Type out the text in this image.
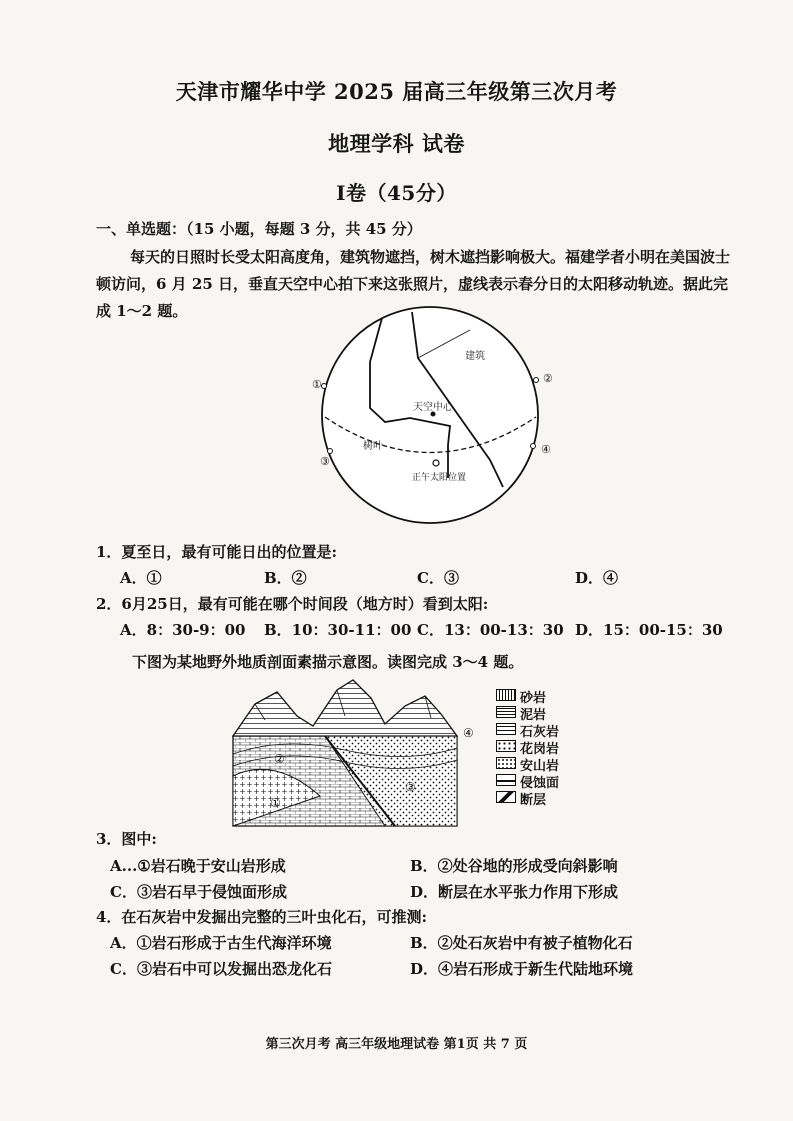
天津市耀华中学 2025 届高三年级第三次月考
地理学科 试卷
Ⅰ卷（45分）
一、单选题：（15 小题，每题 3 分，共 45 分）
每天的日照时长受太阳高度角，建筑物遮挡，树木遮挡影响极大。福建学者小明在美国波士顿访问，6 月 25 日，垂直天空中心拍下来这张照片，虚线表示春分日的太阳移动轨迹。据此完成 1～2 题。
建筑
天空中心
树叶
正午太阳位置
①	②
③
④
1．夏至日，最有可能日出的位置是:
A．①	B．②	C．③	D．④
2．6月25日，最有可能在哪个时间段（地方时）看到太阳:
A．8：30-9：00 B．10：30-11：00 C．13：00-13：30 D．15：00-15：30
下图为某地野外地质剖面素描示意图。读图完成 3～4 题。
②
①
③
④
砂岩
泥岩
石灰岩
花岗岩
安山岩
侵蚀面
断层
3．图中:
A...①岩石晚于安山岩形成	B．②处谷地的形成受向斜影响
C．③岩石早于侵蚀面形成	D．断层在水平张力作用下形成
4．在石灰岩中发掘出完整的三叶虫化石，可推测:
A．①岩石形成于古生代海洋环境	B．②处石灰岩中有被子植物化石
C．③岩石中可以发掘出恐龙化石	D．④岩石形成于新生代陆地环境
第三次月考 高三年级地理试卷 第1页 共 7 页
